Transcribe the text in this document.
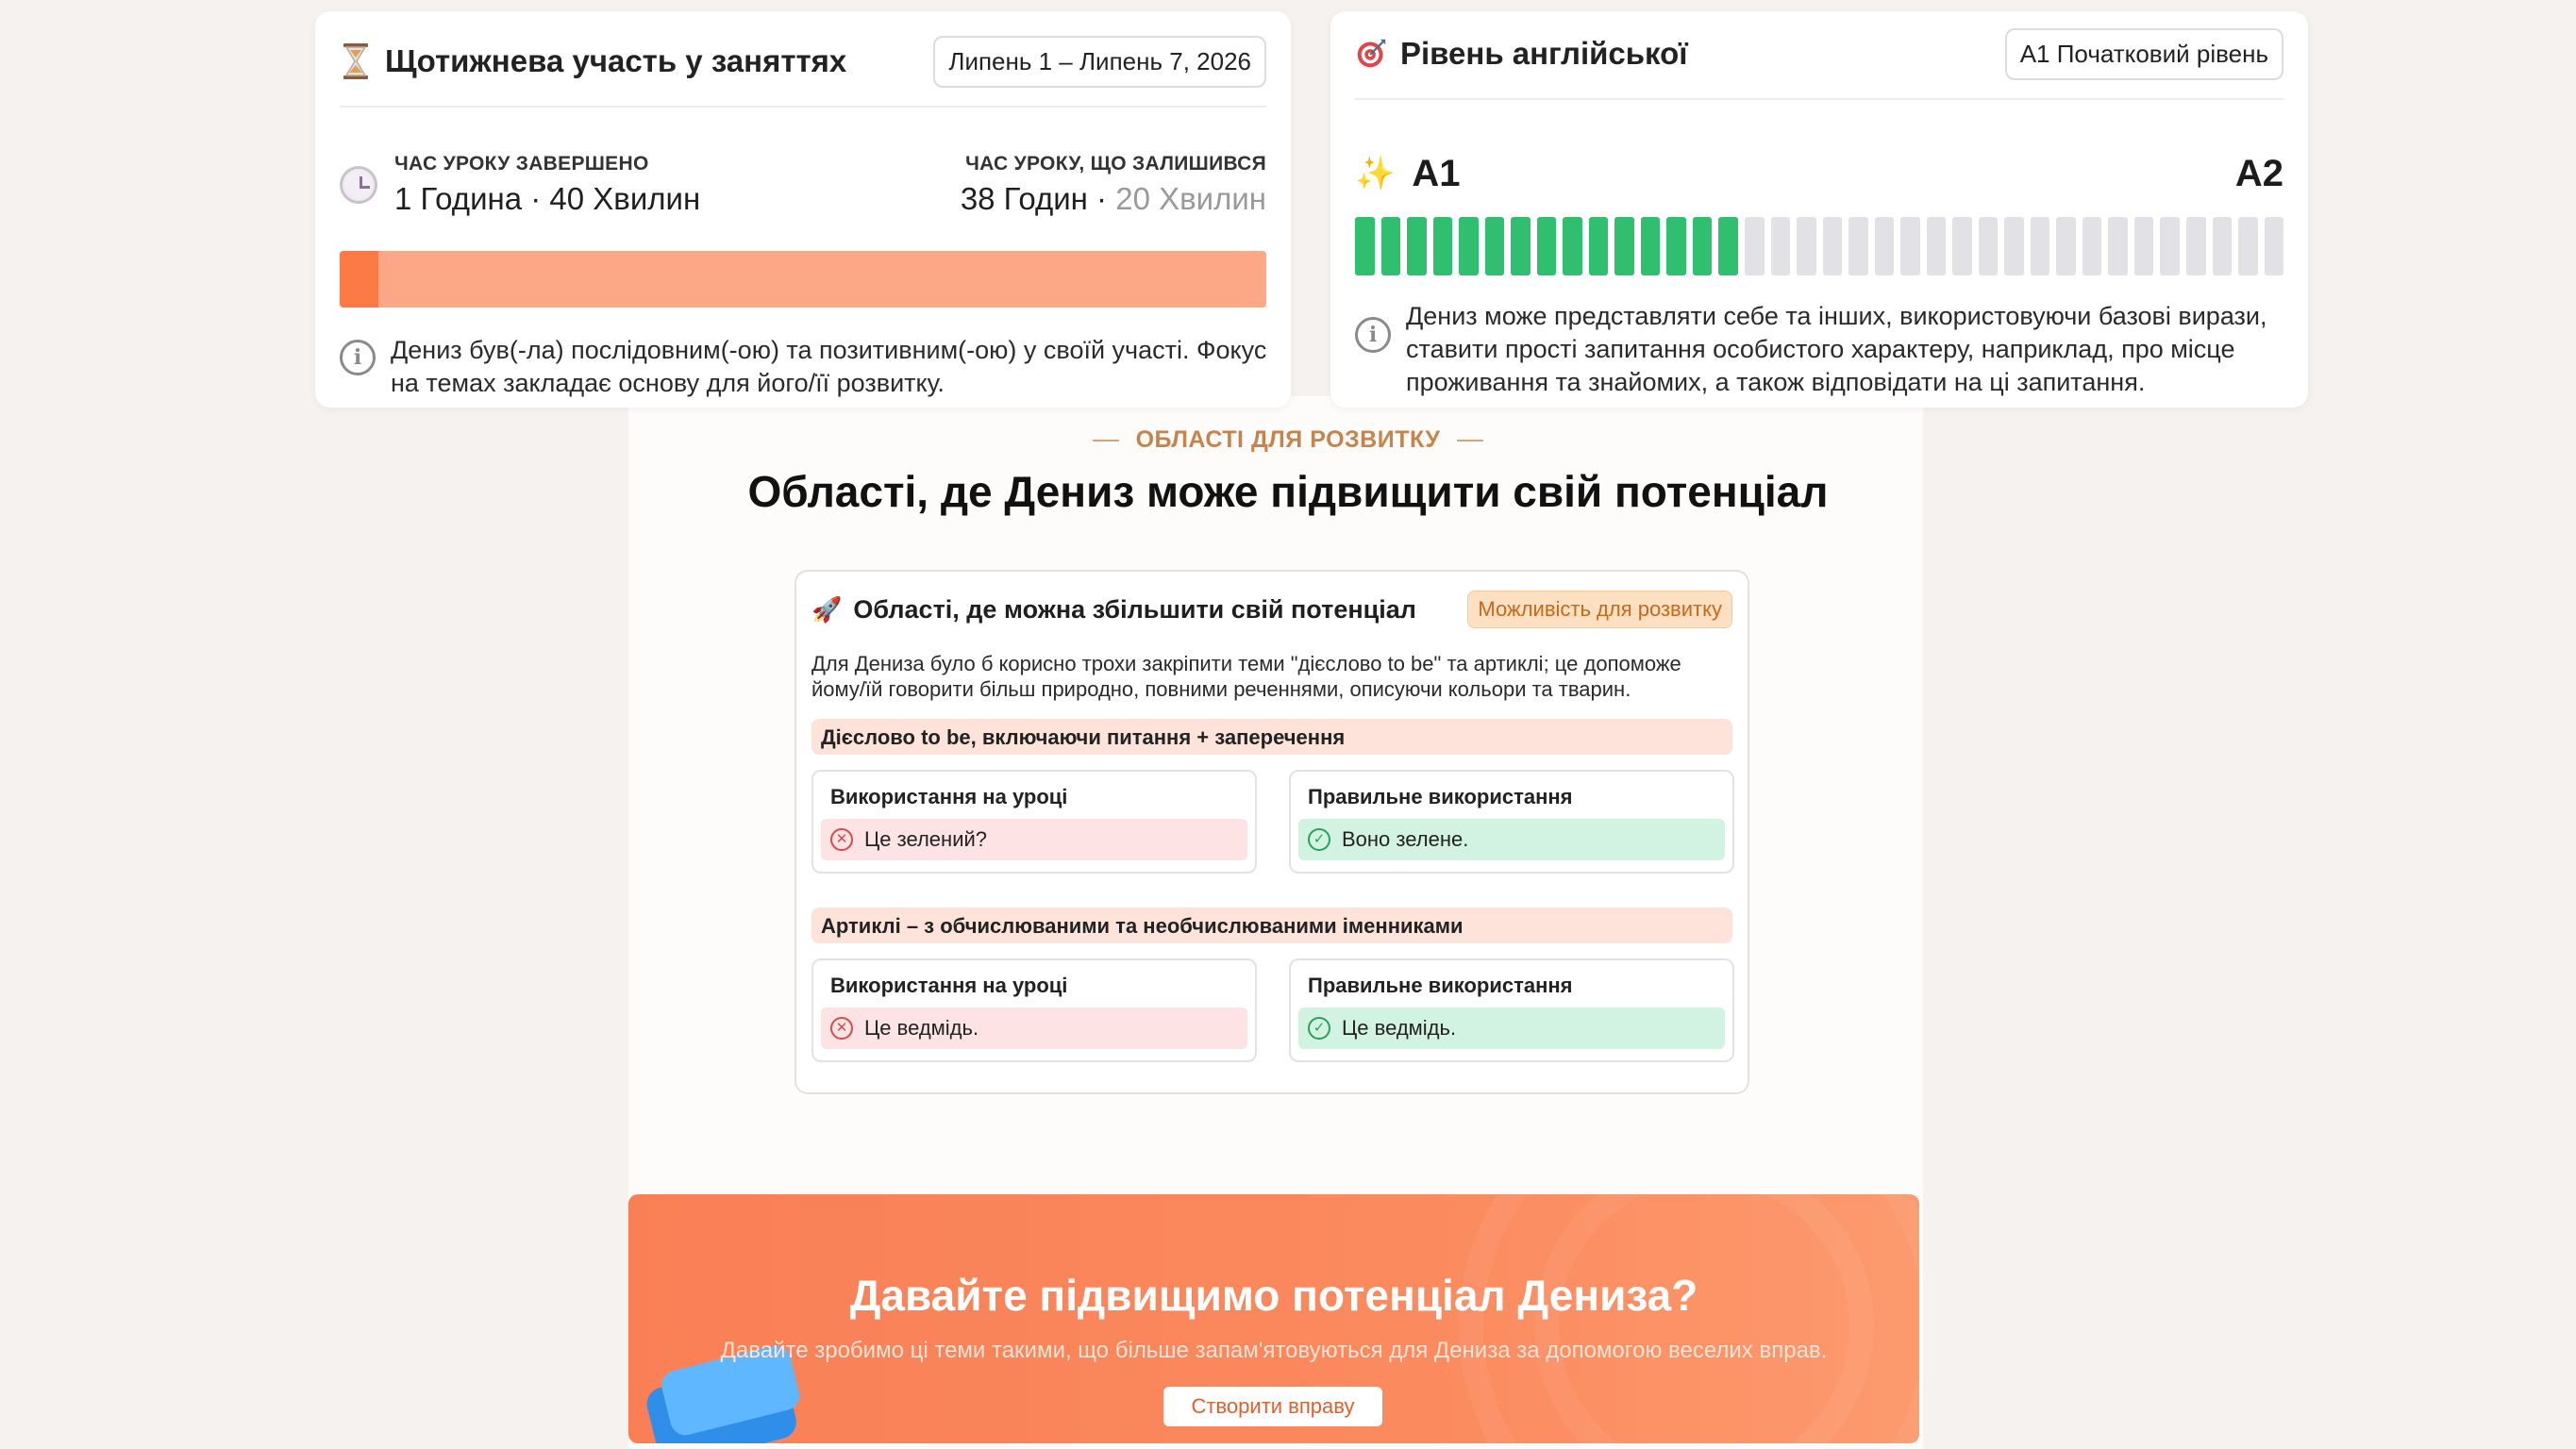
Щотижнева участь у заняттях	Липень 1 – Липень 7, 2026
ЧАС УРОКУ ЗАВЕРШЕНО
1 Година · 40 Хвилин
ЧАС УРОКУ, ЩО ЗАЛИШИВСЯ
38 Годин · 20 Хвилин
i	Дениз був(-ла) послідовним(-ою) та позитивним(-ою) у своїй участі. Фокус на темах закладає основу для його/її розвитку.
Рівень англійської	А1 Початковий рівень
✨ A1	A2
i
Дениз може представляти себе та інших, використовуючи базові вирази, ставити прості запитання особистого характеру, наприклад, про місце проживання та знайомих, а також відповідати на ці запитання.
ОБЛАСТІ ДЛЯ РОЗВИТКУ
Області, де Дениз може підвищити свій потенціал
🚀 Області, де можна збільшити свій потенціал	Можливість для розвитку
Для Дениза було б корисно трохи закріпити теми "дієслово to be" та артиклі; це допоможе йому/їй говорити більш природно, повними реченнями, описуючи кольори та тварин.
Дієслово to be, включаючи питання + заперечення
Використання на уроці
✕ Це зелений?
Правильне використання
✓ Воно зелене.
Артиклі – з обчислюваними та необчислюваними іменниками
Використання на уроці
✕ Це ведмідь.
Правильне використання
✓ Це ведмідь.
Давайте підвищимо потенціал Дениза?
Давайте зробимо ці теми такими, що більше запам'ятовуються для Дениза за допомогою веселих вправ.
Створити вправу
